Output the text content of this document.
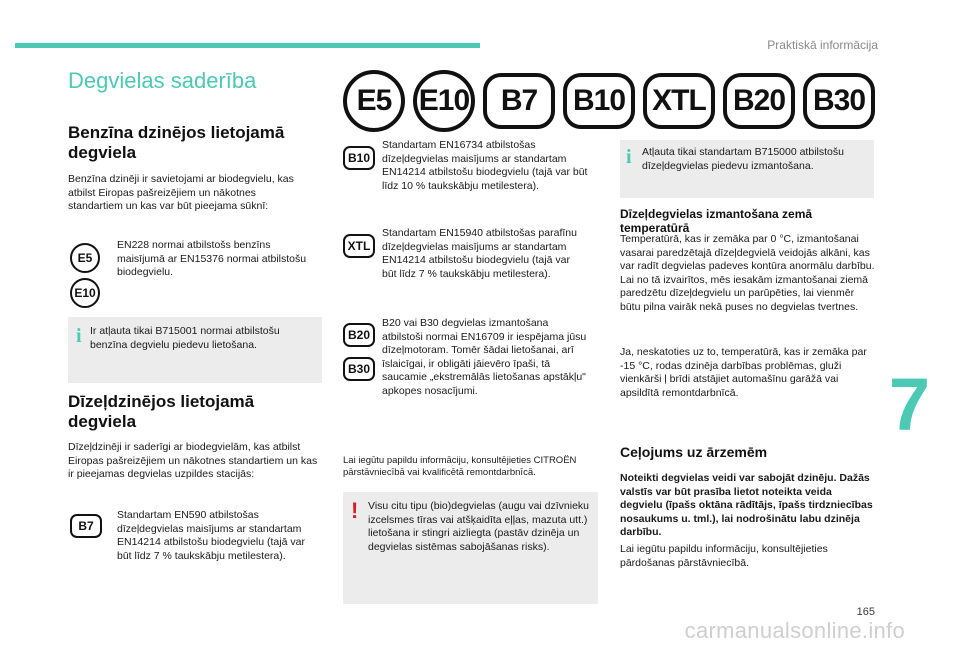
Praktiskā informācija
7
Degvielas saderība
E5 E10	B7	B10 XTL B20 B30
Benzīna dzinējos lietojamā degviela
Benzīna dzinēji ir savietojami ar biodegvielu, kas atbilst Eiropas pašreizējiem un nākotnes standartiem un kas var būt pieejama sūknī:
E5
E10
EN228 normai atbilstošs benzīns maisījumā ar EN15376 normai atbilstošu biodegvielu.
i Ir atļauta tikai B715001 normai atbilstošu benzīna degvielu piedevu lietošana.
Dīzeļdzinējos lietojamā degviela
Dīzeļdzinēji ir saderīgi ar biodegvielām, kas atbilst Eiropas pašreizējiem un nākotnes standartiem un kas ir pieejamas degvielas uzpildes stacijās:
B7
Standartam EN590 atbilstošas dīzeļdegvielas maisījums ar standartam EN14214 atbilstošu biodegvielu (tajā var būt līdz 7 % taukskābju metilestera).
B10
Standartam EN16734 atbilstošas dīzeļdegvielas maisījums ar standartam EN14214 atbilstošu biodegvielu (tajā var būt līdz 10 % taukskābju metilestera).
XTL
Standartam EN15940 atbilstošas parafīnu dīzeļdegvielas maisījums ar standartam EN14214 atbilstošu biodegvielu (tajā var būt līdz 7 % taukskābju metilestera).
B20
B30
B20 vai B30 degvielas izmantošana atbilstoši normai EN16709 ir iespējama jūsu dīzeļmotoram. Tomēr šādai lietošanai, arī īslaicīgai, ir obligāti jāievēro īpaši, tā saucamie „ekstremālās lietošanas apstākļu" apkopes nosacījumi.
Lai iegūtu papildu informāciju, konsultējieties CITROËN pārstāvniecībā vai kvalificētā remontdarbnīcā.
! Visu citu tipu (bio)degvielas (augu vai dzīvnieku izcelsmes tīras vai atšķaidīta eļļas, mazuta utt.) lietošana ir stingri aizliegta (pastāv dzinēja un degvielas sistēmas sabojāšanas risks).
i Atļauta tikai standartam B715000 atbilstošu dīzeļdegvielas piedevu izmantošana.
Dīzeļdegvielas izmantošana zemā temperatūrā
Temperatūrā, kas ir zemāka par 0 °C, izmantošanai vasarai paredzētajā dīzeļdegvielā veidojās alkāni, kas var radīt degvielas padeves kontūra anormālu darbību. Lai no tā izvairītos, mēs iesakām izmantošanai ziemā paredzētu dīzeļdegvielu un parūpēties, lai vienmēr būtu pilna vairāk nekā puses no degvielas tvertnes.
Ja, neskatoties uz to, temperatūrā, kas ir zemāka par -15 °C, rodas dzinēja darbības problēmas, gluži vienkārši ļ brīdi atstājiet automašīnu garāžā vai apsildītā remontdarbnīcā.
Ceļojums uz ārzemēm
Noteikti degvielas veidi var sabojāt dzinēju. Dažās valstīs var būt prasība lietot noteikta veida degvielu (īpašs oktāna rādītājs, īpašs tirdzniecības nosaukums u. tml.), lai nodrošinātu labu dzinēja darbību.
Lai iegūtu papildu informāciju, konsultējieties pārdošanas pārstāvniecībā.
165
carmanualsonline.info
